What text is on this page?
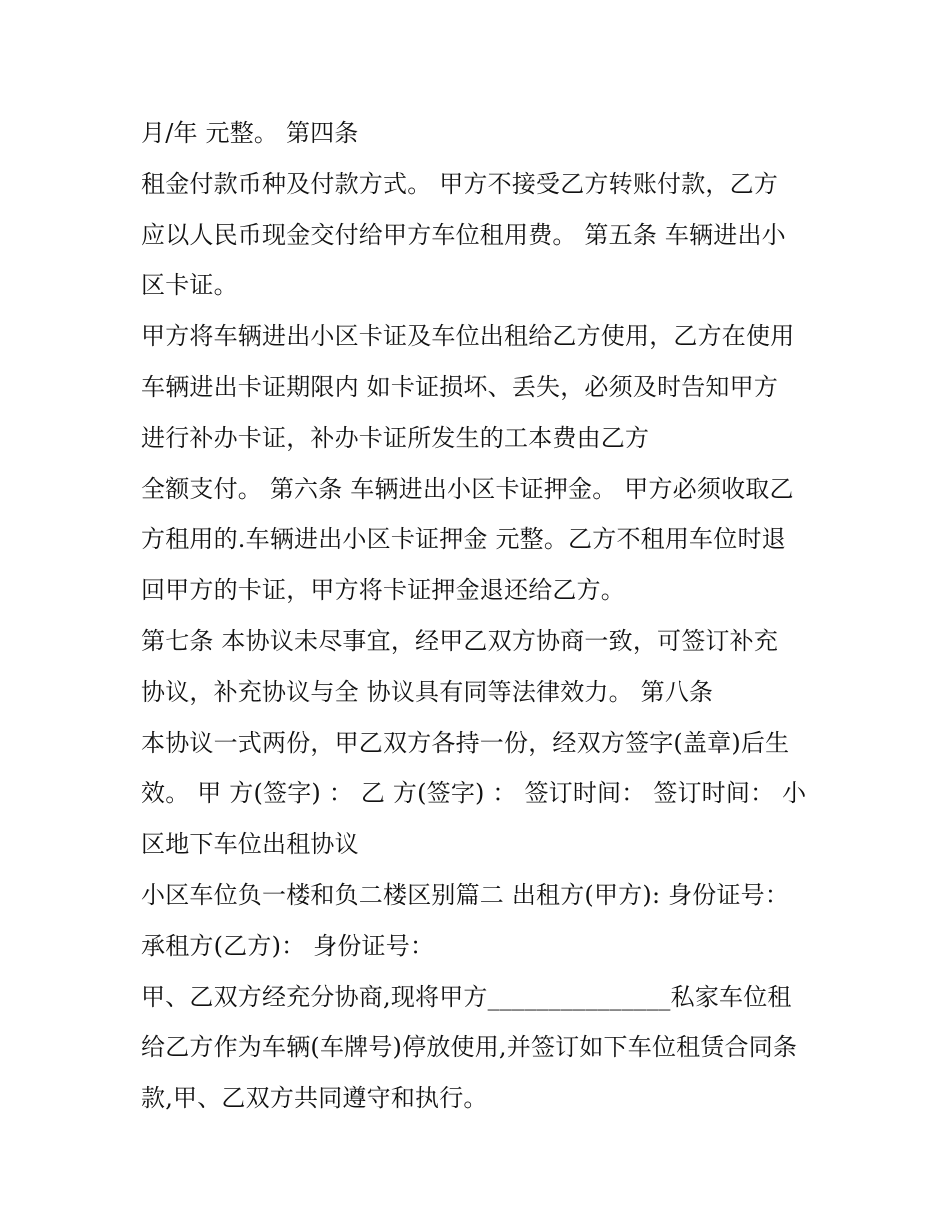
月/年 元整。 第四条
租金付款币种及付款方式。 甲方不接受乙方转账付款，乙方
应以人民币现金交付给甲方车位租用费。 第五条 车辆进出小
区卡证。
甲方将车辆进出小区卡证及车位出租给乙方使用，乙方在使用
车辆进出卡证期限内 如卡证损坏、丢失，必须及时告知甲方
进行补办卡证，补办卡证所发生的工本费由乙方
全额支付。 第六条 车辆进出小区卡证押金。 甲方必须收取乙
方租用的.车辆进出小区卡证押金 元整。乙方不租用车位时退
回甲方的卡证，甲方将卡证押金退还给乙方。
第七条 本协议未尽事宜，经甲乙双方协商一致，可签订补充
协议，补充协议与全 协议具有同等法律效力。 第八条
本协议一式两份，甲乙双方各持一份，经双方签字(盖章)后生
效。 甲 方(签字) ： 乙 方(签字) ： 签订时间： 签订时间： 小
区地下车位出租协议
小区车位负一楼和负二楼区别篇二 出租方(甲方): 身份证号：
承租方(乙方)： 身份证号：
甲、乙双方经充分协商,现将甲方_______________私家车位租
给乙方作为车辆(车牌号)停放使用,并签订如下车位租赁合同条
款,甲、乙双方共同遵守和执行。
